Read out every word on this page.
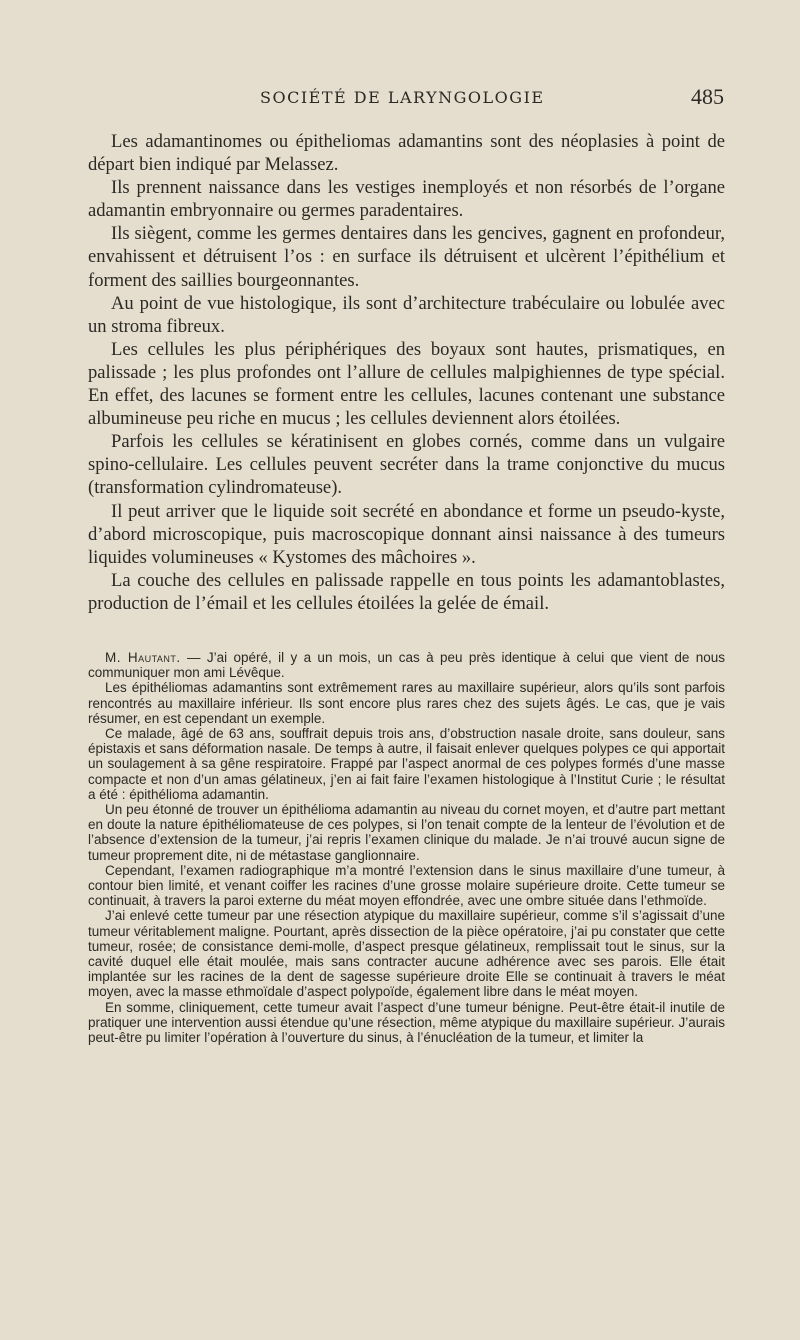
SOCIÉTÉ DE LARYNGOLOGIE	485

Les adamantinomes ou épitheliomas adamantins sont des néoplasies à point de départ bien indiqué par Melassez.

Ils prennent naissance dans les vestiges inemployés et non résorbés de l’organe adamantin embryonnaire ou germes paradentaires.

Ils siègent, comme les germes dentaires dans les gencives, gagnent en profondeur, envahissent et détruisent l’os : en surface ils détruisent et ulcèrent l’épithélium et forment des saillies bourgeonnantes.

Au point de vue histologique, ils sont d’architecture trabéculaire ou lobulée avec un stroma fibreux.

Les cellules les plus périphériques des boyaux sont hautes, prismatiques, en palissade ; les plus profondes ont l’allure de cellules malpighiennes de type spécial. En effet, des lacunes se forment entre les cellules, lacunes contenant une substance albumineuse peu riche en mucus ; les cellules deviennent alors étoilées.

Parfois les cellules se kératinisent en globes cornés, comme dans un vulgaire spino-cellulaire. Les cellules peuvent secréter dans la trame conjonctive du mucus (transformation cylindromateuse).

Il peut arriver que le liquide soit secrété en abondance et forme un pseudo-kyste, d’abord microscopique, puis macroscopique donnant ainsi naissance à des tumeurs liquides volumineuses « Kystomes des mâchoires ».

La couche des cellules en palissade rappelle en tous points les adamantoblastes, production de l’émail et les cellules étoilées la gelée de émail.

M. Hautant. — J’ai opéré, il y a un mois, un cas à peu près identique à celui que vient de nous communiquer mon ami Lévêque.

Les épithéliomas adamantins sont extrêmement rares au maxillaire supérieur, alors qu’ils sont parfois rencontrés au maxillaire inférieur. Ils sont encore plus rares chez des sujets âgés. Le cas, que je vais résumer, en est cependant un exemple.

Ce malade, âgé de 63 ans, souffrait depuis trois ans, d’obstruction nasale droite, sans douleur, sans épistaxis et sans déformation nasale. De temps à autre, il faisait enlever quelques polypes ce qui apportait un soulagement à sa gêne respiratoire. Frappé par l’aspect anormal de ces polypes formés d’une masse compacte et non d’un amas gélatineux, j’en ai fait faire l’examen histologique à l’Institut Curie ; le résultat a été : épithélioma adamantin.

Un peu étonné de trouver un épithélioma adamantin au niveau du cornet moyen, et d’autre part mettant en doute la nature épithéliomateuse de ces polypes, si l’on tenait compte de la lenteur de l’évolution et de l’absence d’extension de la tumeur, j’ai repris l’examen clinique du malade. Je n’ai trouvé aucun signe de tumeur proprement dite, ni de métastase ganglionnaire.

Cependant, l’examen radiographique m’a montré l’extension dans le sinus maxillaire d’une tumeur, à contour bien limité, et venant coiffer les racines d’une grosse molaire supérieure droite. Cette tumeur se continuait, à travers la paroi externe du méat moyen effondrée, avec une ombre située dans l’ethmoïde.

J’ai enlevé cette tumeur par une résection atypique du maxillaire supérieur, comme s’il s’agissait d’une tumeur véritablement maligne. Pourtant, après dissection de la pièce opératoire, j’ai pu constater que cette tumeur, rosée; de consistance demi-molle, d’aspect presque gélatineux, remplissait tout le sinus, sur la cavité duquel elle était moulée, mais sans contracter aucune adhérence avec ses parois. Elle était implantée sur les racines de la dent de sagesse supérieure droite Elle se continuait à travers le méat moyen, avec la masse ethmoïdale d’aspect polypoïde, également libre dans le méat moyen.

En somme, cliniquement, cette tumeur avait l’aspect d’une tumeur bénigne. Peut-être était-il inutile de pratiquer une intervention aussi étendue qu’une résection, même atypique du maxillaire supérieur. J’aurais peut-être pu limiter l’opération à l’ouverture du sinus, à l’énucléation de la tumeur, et limiter la
